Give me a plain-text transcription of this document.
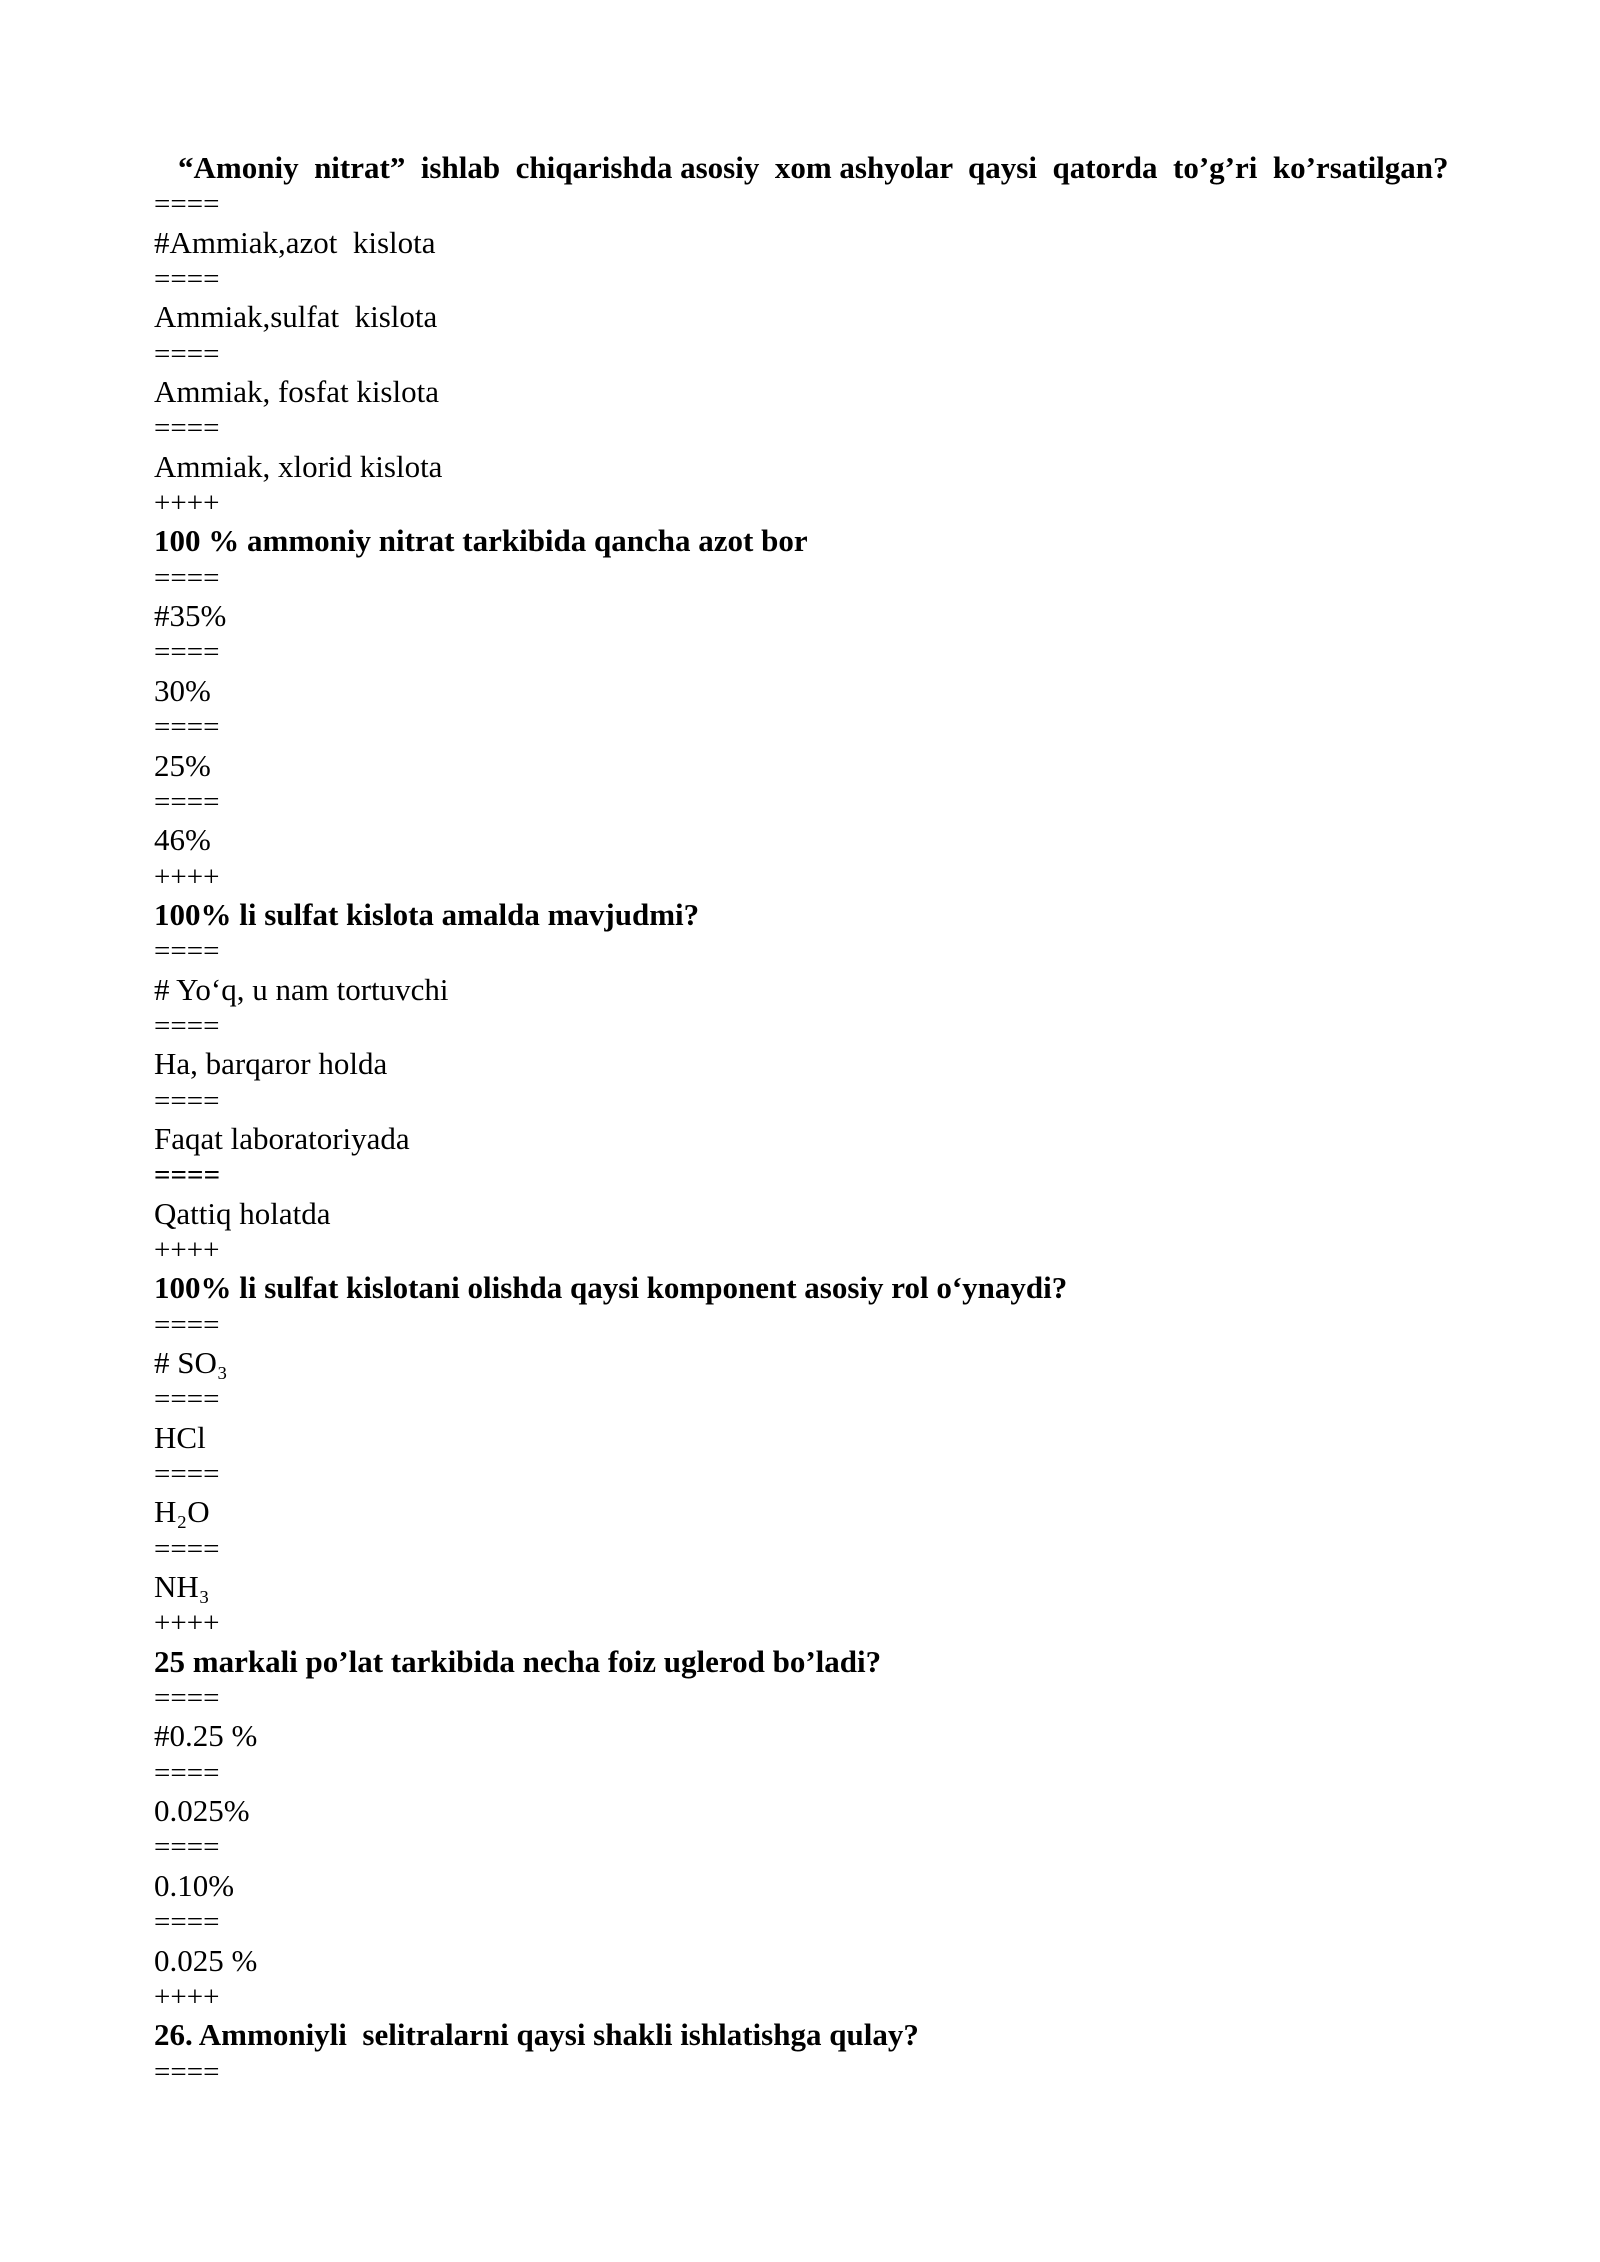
“Amoniy  nitrat”  ishlab  chiqarishda asosiy  xom ashyolar  qaysi  qatorda  to’g’ri  ko’rsatilgan?
====
#Ammiak,azot  kislota
====
Ammiak,sulfat  kislota
====
Ammiak, fosfat kislota
====
Ammiak, xlorid kislota
++++
100 % ammoniy nitrat tarkibida qancha azot bor
====
#35%
====
30%
====
25%
====
46%
++++
100% li sulfat kislota amalda mavjudmi?
====
# Yo‘q, u nam tortuvchi
====
Ha, barqaror holda
====
Faqat laboratoriyada
====
Qattiq holatda
++++
100% li sulfat kislotani olishda qaysi komponent asosiy rol o‘ynaydi?
====
# SO₃
====
HCl
====
H₂O
====
NH₃
++++
25 markali po’lat tarkibida necha foiz uglerod bo’ladi?
====
#0.25 %
====
0.025%
====
0.10%
====
0.025 %
++++
26. Ammoniyli  selitralarni qaysi shakli ishlatishga qulay?
====
